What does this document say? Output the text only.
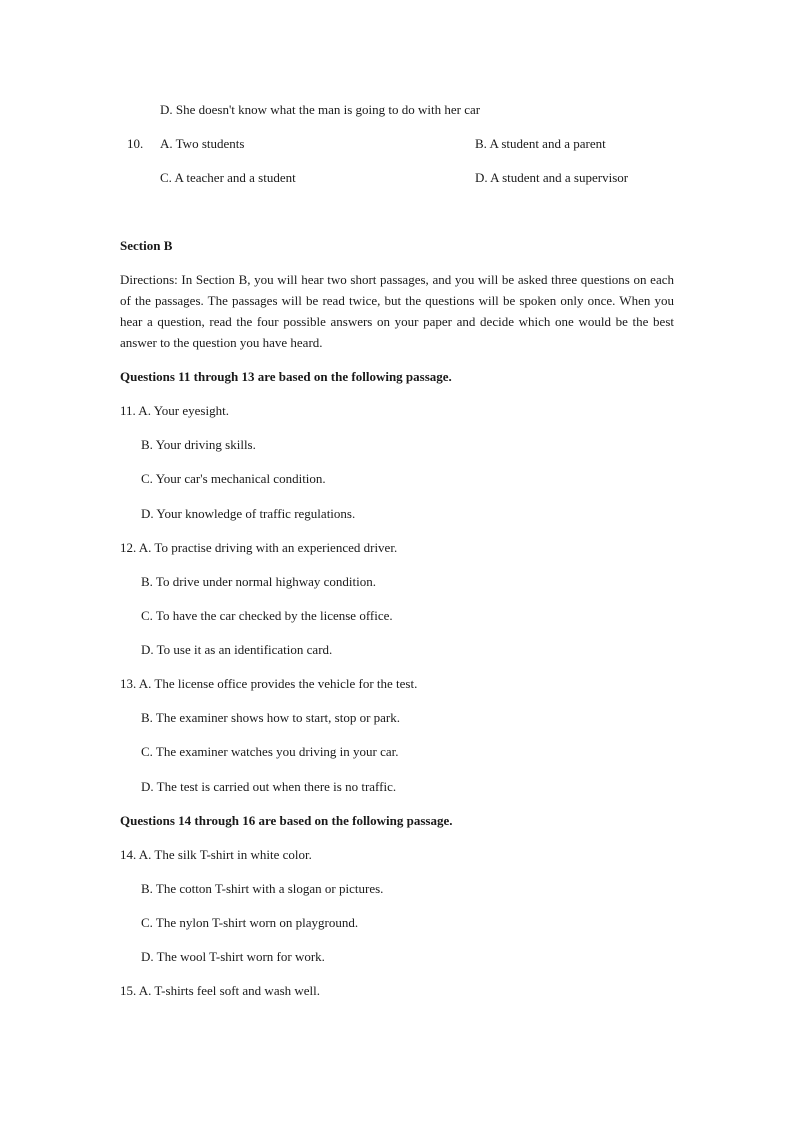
D. She doesn't know what the man is going to do with her car
10. A. Two students	B. A student and a parent
C. A teacher and a student	D. A student and a supervisor
Section B
Directions: In Section B, you will hear two short passages, and you will be asked three questions on each of the passages. The passages will be read twice, but the questions will be spoken only once. When you hear a question, read the four possible answers on your paper and decide which one would be the best answer to the question you have heard.
Questions 11 through 13 are based on the following passage.
11. A. Your eyesight.
B. Your driving skills.
C. Your car's mechanical condition.
D. Your knowledge of traffic regulations.
12. A. To practise driving with an experienced driver.
B. To drive under normal highway condition.
C. To have the car checked by the license office.
D. To use it as an identification card.
13. A. The license office provides the vehicle for the test.
B. The examiner shows how to start, stop or park.
C. The examiner watches you driving in your car.
D. The test is carried out when there is no traffic.
Questions 14 through 16 are based on the following passage.
14. A. The silk T-shirt in white color.
B. The cotton T-shirt with a slogan or pictures.
C. The nylon T-shirt worn on playground.
D. The wool T-shirt worn for work.
15. A. T-shirts feel soft and wash well.
